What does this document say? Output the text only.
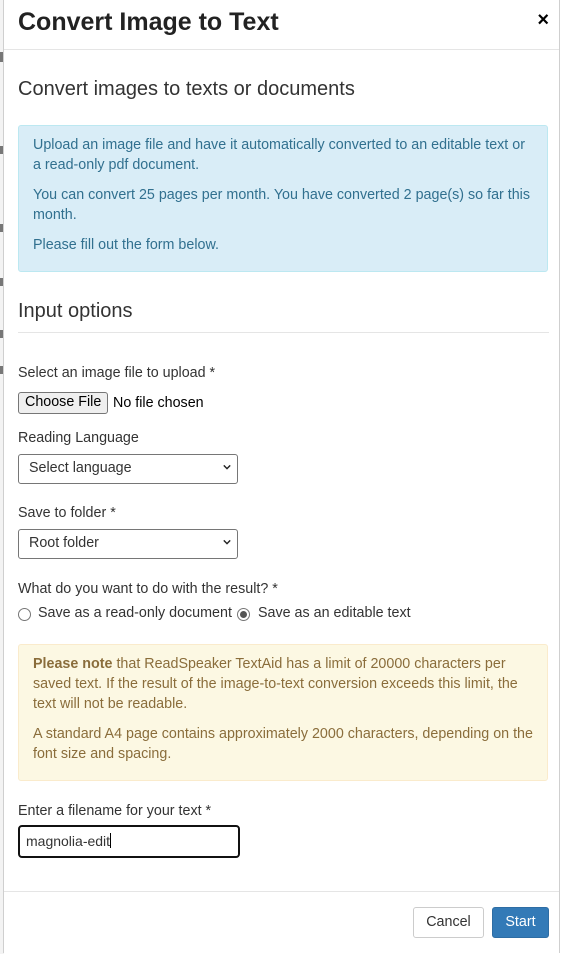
Convert Image to Text	×
Convert images to texts or documents

Upload an image file and have it automatically converted to an editable text or a read-only pdf document.

You can convert 25 pages per month. You have converted 2 page(s) so far this month.

Please fill out the form below.

Input options
Select an image file to upload *
Choose File No file chosen
Reading Language
Select language
Save to folder *
Root folder
What do you want to do with the result? *
Save as a read-only document Save as an editable text

Please note that ReadSpeaker TextAid has a limit of 20000 characters per saved text. If the result of the image-to-text conversion exceeds this limit, the text will not be readable.

A standard A4 page contains approximately 2000 characters, depending on the font size and spacing.

Enter a filename for your text *
magnolia-edit
Cancel	Start
